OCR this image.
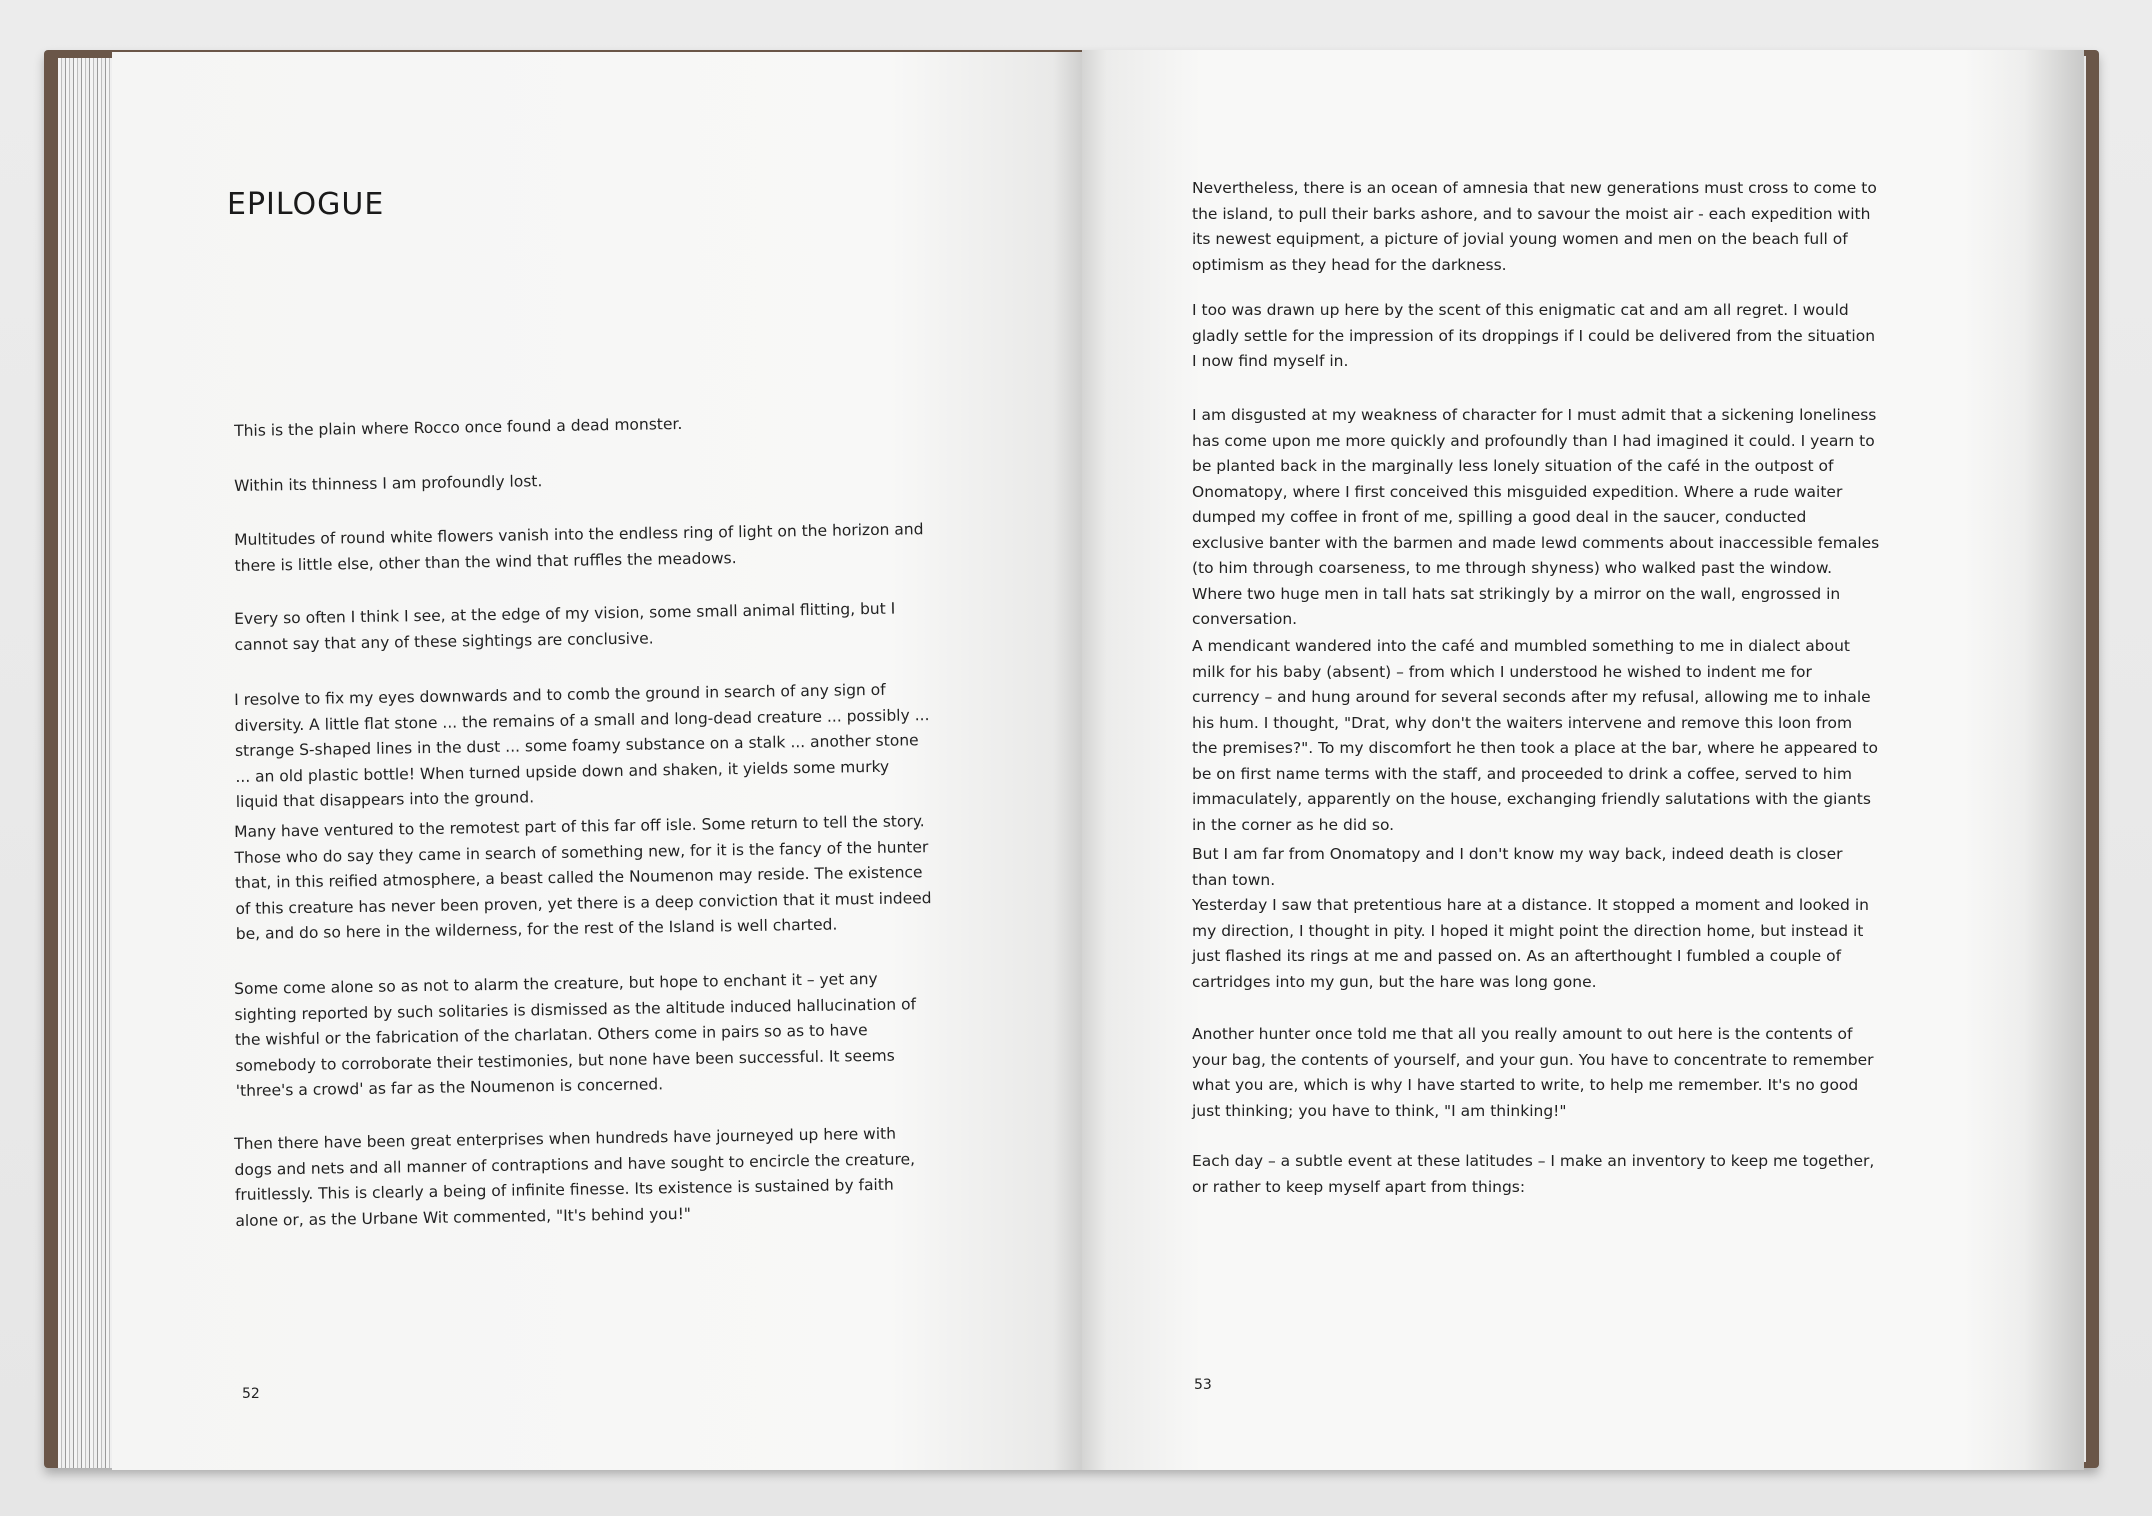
EPILOGUE

This is the plain where Rocco once found a dead monster.

Within its thinness I am profoundly lost.

Multitudes of round white flowers vanish into the endless ring of light on the horizon and there is little else, other than the wind that ruffles the meadows.

Every so often I think I see, at the edge of my vision, some small animal flitting, but I cannot say that any of these sightings are conclusive.

I resolve to fix my eyes downwards and to comb the ground in search of any sign of diversity. A little flat stone ... the remains of a small and long-dead creature ... possibly ... strange S-shaped lines in the dust ... some foamy substance on a stalk ... another stone ... an old plastic bottle! When turned upside down and shaken, it yields some murky liquid that disappears into the ground.

Many have ventured to the remotest part of this far off isle. Some return to tell the story. Those who do say they came in search of something new, for it is the fancy of the hunter that, in this reified atmosphere, a beast called the Noumenon may reside. The existence of this creature has never been proven, yet there is a deep conviction that it must indeed be, and do so here in the wilderness, for the rest of the Island is well charted.

Some come alone so as not to alarm the creature, but hope to enchant it – yet any sighting reported by such solitaries is dismissed as the altitude induced hallucination of the wishful or the fabrication of the charlatan. Others come in pairs so as to have somebody to corroborate their testimonies, but none have been successful. It seems 'three's a crowd' as far as the Noumenon is concerned.

Then there have been great enterprises when hundreds have journeyed up here with dogs and nets and all manner of contraptions and have sought to encircle the creature, fruitlessly. This is clearly a being of infinite finesse. Its existence is sustained by faith alone or, as the Urbane Wit commented, "It's behind you!"

52

Nevertheless, there is an ocean of amnesia that new generations must cross to come to the island, to pull their barks ashore, and to savour the moist air - each expedition with its newest equipment, a picture of jovial young women and men on the beach full of optimism as they head for the darkness.

I too was drawn up here by the scent of this enigmatic cat and am all regret. I would gladly settle for the impression of its droppings if I could be delivered from the situation I now find myself in.

I am disgusted at my weakness of character for I must admit that a sickening loneliness has come upon me more quickly and profoundly than I had imagined it could. I yearn to be planted back in the marginally less lonely situation of the café in the outpost of Onomatopy, where I first conceived this misguided expedition. Where a rude waiter dumped my coffee in front of me, spilling a good deal in the saucer, conducted exclusive banter with the barmen and made lewd comments about inaccessible females (to him through coarseness, to me through shyness) who walked past the window. Where two huge men in tall hats sat strikingly by a mirror on the wall, engrossed in conversation.

A mendicant wandered into the café and mumbled something to me in dialect about milk for his baby (absent) – from which I understood he wished to indent me for currency – and hung around for several seconds after my refusal, allowing me to inhale his hum. I thought, "Drat, why don't the waiters intervene and remove this loon from the premises?". To my discomfort he then took a place at the bar, where he appeared to be on first name terms with the staff, and proceeded to drink a coffee, served to him immaculately, apparently on the house, exchanging friendly salutations with the giants in the corner as he did so.

But I am far from Onomatopy and I don't know my way back, indeed death is closer than town.

Yesterday I saw that pretentious hare at a distance. It stopped a moment and looked in my direction, I thought in pity. I hoped it might point the direction home, but instead it just flashed its rings at me and passed on. As an afterthought I fumbled a couple of cartridges into my gun, but the hare was long gone.

Another hunter once told me that all you really amount to out here is the contents of your bag, the contents of yourself, and your gun. You have to concentrate to remember what you are, which is why I have started to write, to help me remember. It's no good just thinking; you have to think, "I am thinking!"

Each day – a subtle event at these latitudes – I make an inventory to keep me together, or rather to keep myself apart from things:

53
